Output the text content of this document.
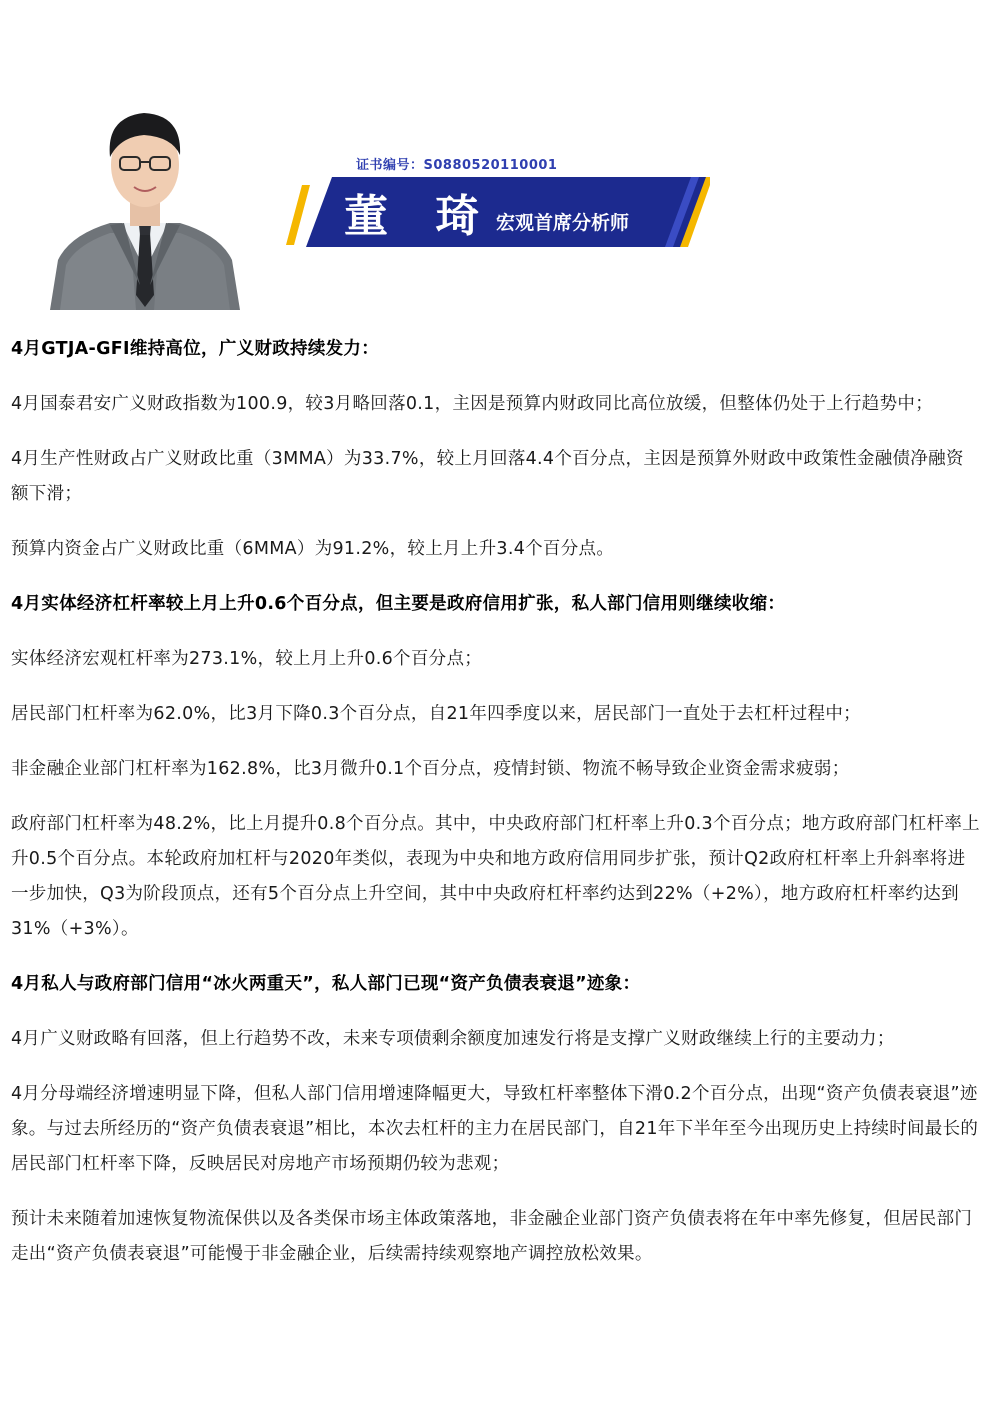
证书编号：S0880520110001
董 琦 宏观首席分析师

4月GTJA-GFI维持高位，广义财政持续发力：

4月国泰君安广义财政指数为100.9，较3月略回落0.1，主因是预算内财政同比高位放缓，但整体仍处于上行趋势中；

4月生产性财政占广义财政比重（3MMA）为33.7%，较上月回落4.4个百分点，主因是预算外财政中政策性金融债净融资额下滑；

预算内资金占广义财政比重（6MMA）为91.2%，较上月上升3.4个百分点。

4月实体经济杠杆率较上月上升0.6个百分点，但主要是政府信用扩张，私人部门信用则继续收缩：

实体经济宏观杠杆率为273.1%，较上月上升0.6个百分点；

居民部门杠杆率为62.0%，比3月下降0.3个百分点，自21年四季度以来，居民部门一直处于去杠杆过程中；

非金融企业部门杠杆率为162.8%，比3月微升0.1个百分点，疫情封锁、物流不畅导致企业资金需求疲弱；

政府部门杠杆率为48.2%，比上月提升0.8个百分点。其中，中央政府部门杠杆率上升0.3个百分点；地方政府部门杠杆率上升0.5个百分点。本轮政府加杠杆与2020年类似，表现为中央和地方政府信用同步扩张，预计Q2政府杠杆率上升斜率将进一步加快，Q3为阶段顶点，还有5个百分点上升空间，其中中央政府杠杆率约达到22%（+2%），地方政府杠杆率约达到31%（+3%）。

4月私人与政府部门信用“冰火两重天”，私人部门已现“资产负债表衰退”迹象：

4月广义财政略有回落，但上行趋势不改，未来专项债剩余额度加速发行将是支撑广义财政继续上行的主要动力；

4月分母端经济增速明显下降，但私人部门信用增速降幅更大，导致杠杆率整体下滑0.2个百分点，出现“资产负债表衰退”迹象。与过去所经历的“资产负债表衰退”相比，本次去杠杆的主力在居民部门，自21年下半年至今出现历史上持续时间最长的居民部门杠杆率下降，反映居民对房地产市场预期仍较为悲观；

预计未来随着加速恢复物流保供以及各类保市场主体政策落地，非金融企业部门资产负债表将在年中率先修复，但居民部门走出“资产负债表衰退”可能慢于非金融企业，后续需持续观察地产调控放松效果。
